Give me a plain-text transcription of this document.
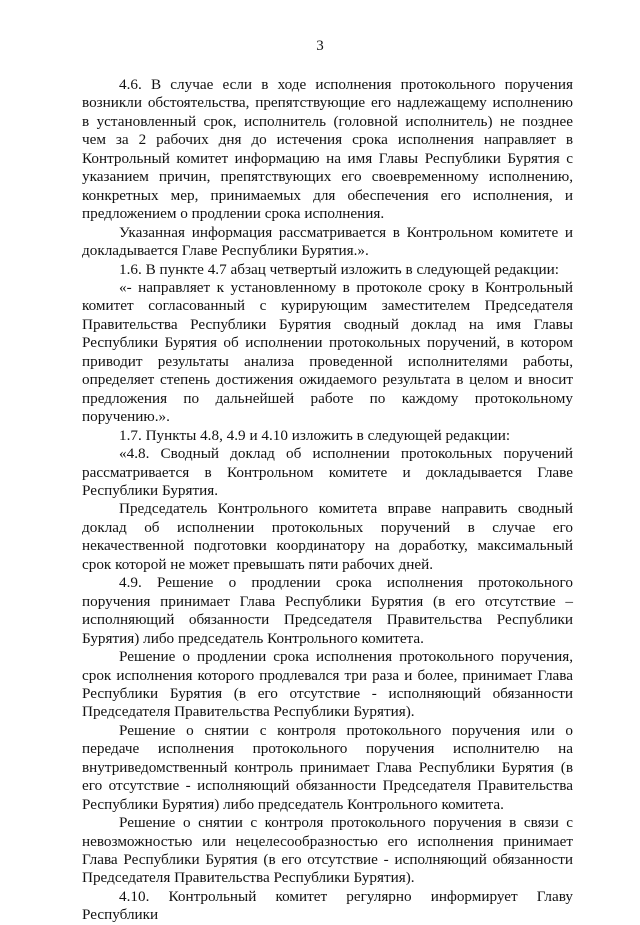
3

4.6. В случае если в ходе исполнения протокольного поручения возникли обстоятельства, препятствующие его надлежащему исполнению в установленный срок, исполнитель (головной исполнитель) не позднее чем за 2 рабочих дня до истечения срока исполнения направляет в Контрольный комитет информацию на имя Главы Республики Бурятия с указанием причин, препятствующих его своевременному исполнению, конкретных мер, принимаемых для обеспечения его исполнения, и предложением о продлении срока исполнения.

Указанная информация рассматривается в Контрольном комитете и докладывается Главе Республики Бурятия.».

1.6. В пункте 4.7 абзац четвертый изложить в следующей редакции:

«- направляет к установленному в протоколе сроку в Контрольный комитет согласованный с курирующим заместителем Председателя Правительства Республики Бурятия сводный доклад на имя Главы Республики Бурятия об исполнении протокольных поручений, в котором приводит результаты анализа проведенной исполнителями работы, определяет степень достижения ожидаемого результата в целом и вносит предложения по дальнейшей работе по каждому протокольному поручению.».

1.7. Пункты 4.8, 4.9 и 4.10 изложить в следующей редакции:

«4.8. Сводный доклад об исполнении протокольных поручений рассматривается в Контрольном комитете и докладывается Главе Республики Бурятия.

Председатель Контрольного комитета вправе направить сводный доклад об исполнении протокольных поручений в случае его некачественной подготовки координатору на доработку, максимальный срок которой не может превышать пяти рабочих дней.

4.9. Решение о продлении срока исполнения протокольного поручения принимает Глава Республики Бурятия (в его отсутствие – исполняющий обязанности Председателя Правительства Республики Бурятия) либо председатель Контрольного комитета.

Решение о продлении срока исполнения протокольного поручения, срок исполнения которого продлевался три раза и более, принимает Глава Республики Бурятия (в его отсутствие - исполняющий обязанности Председателя Правительства Республики Бурятия).

Решение о снятии с контроля протокольного поручения или о передаче исполнения протокольного поручения исполнителю на внутриведомственный контроль принимает Глава Республики Бурятия (в его отсутствие - исполняющий обязанности Председателя Правительства Республики Бурятия) либо председатель Контрольного комитета.

Решение о снятии с контроля протокольного поручения в связи с невозможностью или нецелесообразностью его исполнения принимает Глава Республики Бурятия (в его отсутствие - исполняющий обязанности Председателя Правительства Республики Бурятия).

4.10. Контрольный комитет регулярно информирует Главу Республики
